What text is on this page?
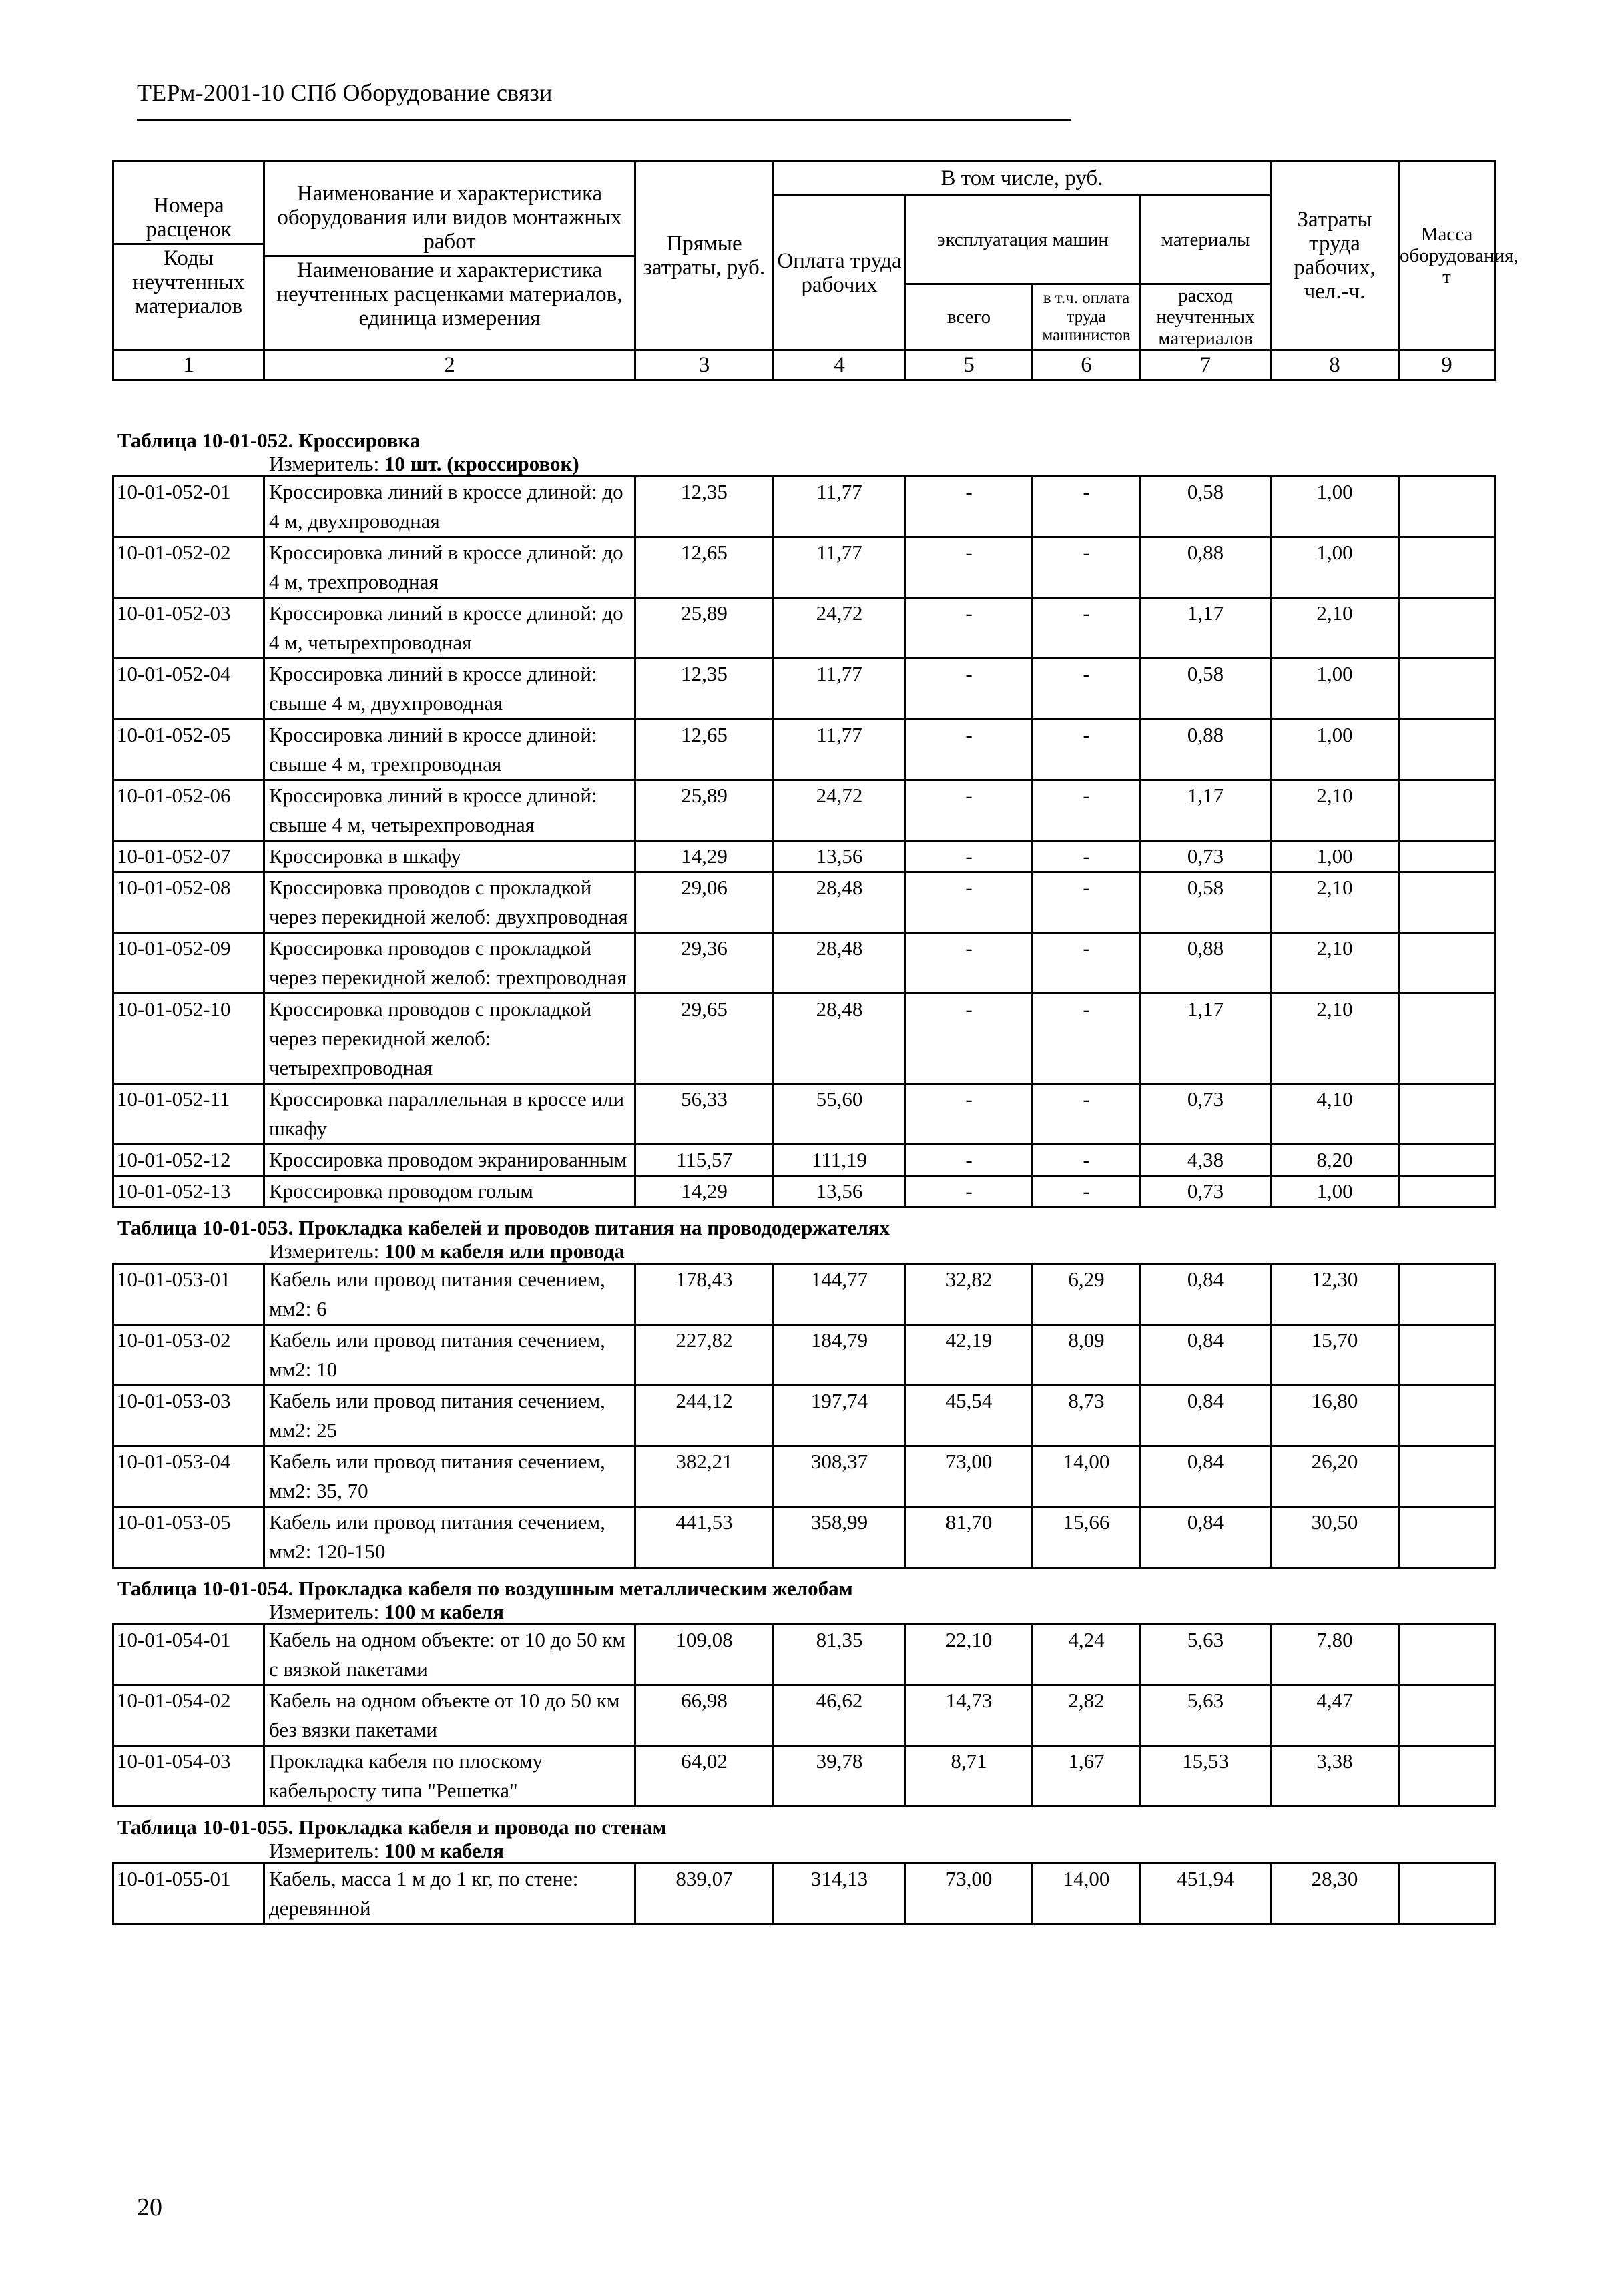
ТЕРм-2001-10 СПб Оборудование связи
Номера расценок
Коды неучтенных материалов	Наименование и характеристика оборудования или видов монтажных работ
Наименование и характеристика неучтенных расценками материалов, единица измерения	Прямые затраты, руб.	В том числе, руб.				Затраты труда рабочих, чел.-ч.	Масса оборудования, т
			Оплата труда рабочих	эксплуатация машин		материалы		
				всего	в т.ч. оплата труда машинистов	расход неучтенных материалов		
1	2	3	4	5	6	7	8	9
Таблица 10-01-052. Кроссировка
Измеритель: 10 шт. (кроссировок)
10-01-052-01	Кроссировка линий в кроссе длиной: до 4 м, двухпроводная	12,35	11,77	-	-	0,58	1,00	
10-01-052-02	Кроссировка линий в кроссе длиной: до 4 м, трехпроводная	12,65	11,77	-	-	0,88	1,00	
10-01-052-03	Кроссировка линий в кроссе длиной: до 4 м, четырехпроводная	25,89	24,72	-	-	1,17	2,10	
10-01-052-04	Кроссировка линий в кроссе длиной: свыше 4 м, двухпроводная	12,35	11,77	-	-	0,58	1,00	
10-01-052-05	Кроссировка линий в кроссе длиной: свыше 4 м, трехпроводная	12,65	11,77	-	-	0,88	1,00	
10-01-052-06	Кроссировка линий в кроссе длиной: свыше 4 м, четырехпроводная	25,89	24,72	-	-	1,17	2,10	
10-01-052-07	Кроссировка в шкафу	14,29	13,56	-	-	0,73	1,00	
10-01-052-08	Кроссировка проводов с прокладкой через перекидной желоб: двухпроводная	29,06	28,48	-	-	0,58	2,10	
10-01-052-09	Кроссировка проводов с прокладкой через перекидной желоб: трехпроводная	29,36	28,48	-	-	0,88	2,10	
10-01-052-10	Кроссировка проводов с прокладкой через перекидной желоб: четырехпроводная	29,65	28,48	-	-	1,17	2,10	
10-01-052-11	Кроссировка параллельная в кроссе или шкафу	56,33	55,60	-	-	0,73	4,10	
10-01-052-12	Кроссировка проводом экранированным	115,57	111,19	-	-	4,38	8,20	
10-01-052-13	Кроссировка проводом голым	14,29	13,56	-	-	0,73	1,00	
Таблица 10-01-053. Прокладка кабелей и проводов питания на провододержателях
Измеритель: 100 м кабеля или провода
10-01-053-01	Кабель или провод питания сечением, мм2: 6	178,43	144,77	32,82	6,29	0,84	12,30	
10-01-053-02	Кабель или провод питания сечением, мм2: 10	227,82	184,79	42,19	8,09	0,84	15,70	
10-01-053-03	Кабель или провод питания сечением, мм2: 25	244,12	197,74	45,54	8,73	0,84	16,80	
10-01-053-04	Кабель или провод питания сечением, мм2: 35, 70	382,21	308,37	73,00	14,00	0,84	26,20	
10-01-053-05	Кабель или провод питания сечением, мм2: 120-150	441,53	358,99	81,70	15,66	0,84	30,50	
Таблица 10-01-054. Прокладка кабеля по воздушным металлическим желобам
Измеритель: 100 м кабеля
10-01-054-01	Кабель на одном объекте: от 10 до 50 км с вязкой пакетами	109,08	81,35	22,10	4,24	5,63	7,80	
10-01-054-02	Кабель на одном объекте от 10 до 50 км без вязки пакетами	66,98	46,62	14,73	2,82	5,63	4,47	
10-01-054-03	Прокладка кабеля по плоскому кабельросту типа "Решетка"	64,02	39,78	8,71	1,67	15,53	3,38	
Таблица 10-01-055. Прокладка кабеля и провода по стенам
Измеритель: 100 м кабеля
10-01-055-01	Кабель, масса 1 м до 1 кг, по стене: деревянной	839,07	314,13	73,00	14,00	451,94	28,30	
20
